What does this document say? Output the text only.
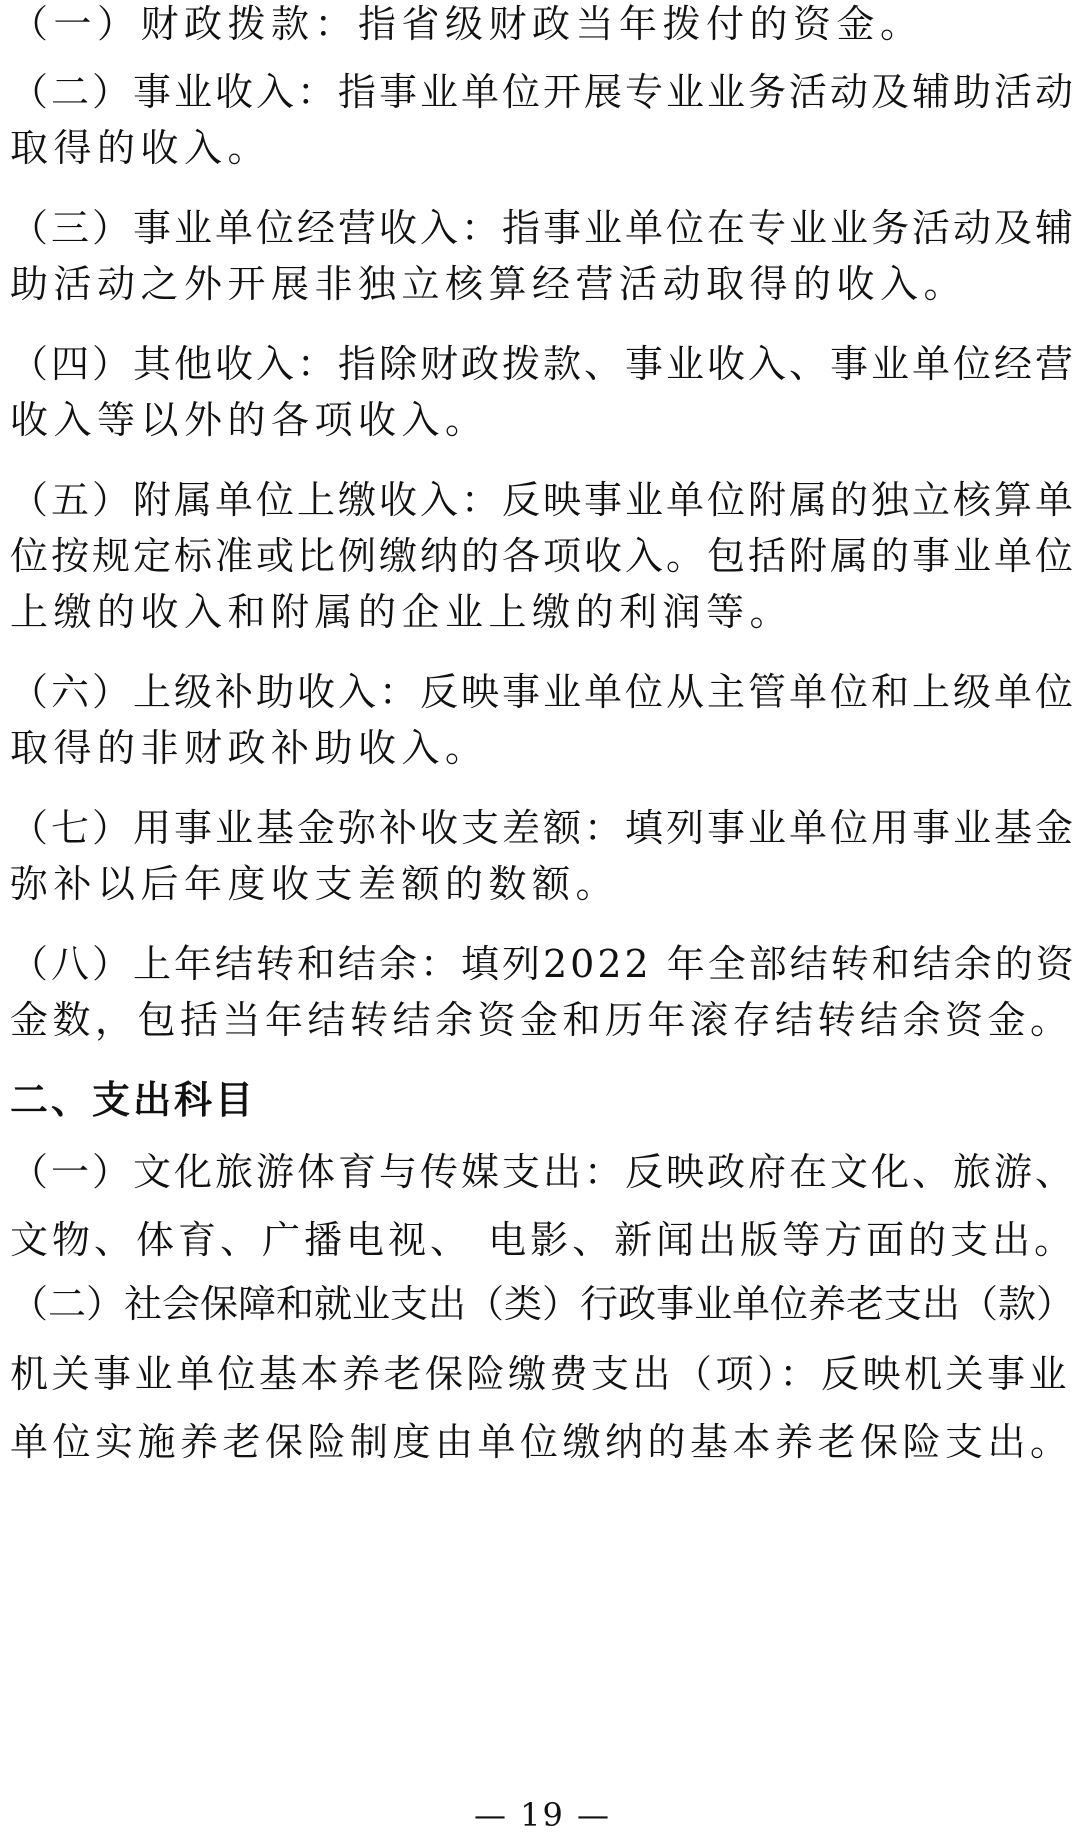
（一）财政拨款：指省级财政当年拨付的资金。
（二）事业收入：指事业单位开展专业业务活动及辅助活动
取得的收入。
（三）事业单位经营收入：指事业单位在专业业务活动及辅
助活动之外开展非独立核算经营活动取得的收入。
（四）其他收入：指除财政拨款、事业收入、事业单位经营
收入等以外的各项收入。
（五）附属单位上缴收入：反映事业单位附属的独立核算单
位按规定标准或比例缴纳的各项收入。包括附属的事业单位
上缴的收入和附属的企业上缴的利润等。
（六）上级补助收入：反映事业单位从主管单位和上级单位
取得的非财政补助收入。
（七）用事业基金弥补收支差额：填列事业单位用事业基金
弥补以后年度收支差额的数额。
（八）上年结转和结余：填列2022 年全部结转和结余的资
金数，包括当年结转结余资金和历年滚存结转结余资金。
二、支出科目
（一）文化旅游体育与传媒支出：反映政府在文化、旅游、
文物、体育、广播电视、 电影、新闻出版等方面的支出。
（二）社会保障和就业支出（类）行政事业单位养老支出（款）
机关事业单位基本养老保险缴费支出（项）：反映机关事业
单位实施养老保险制度由单位缴纳的基本养老保险支出。
— 19 —
